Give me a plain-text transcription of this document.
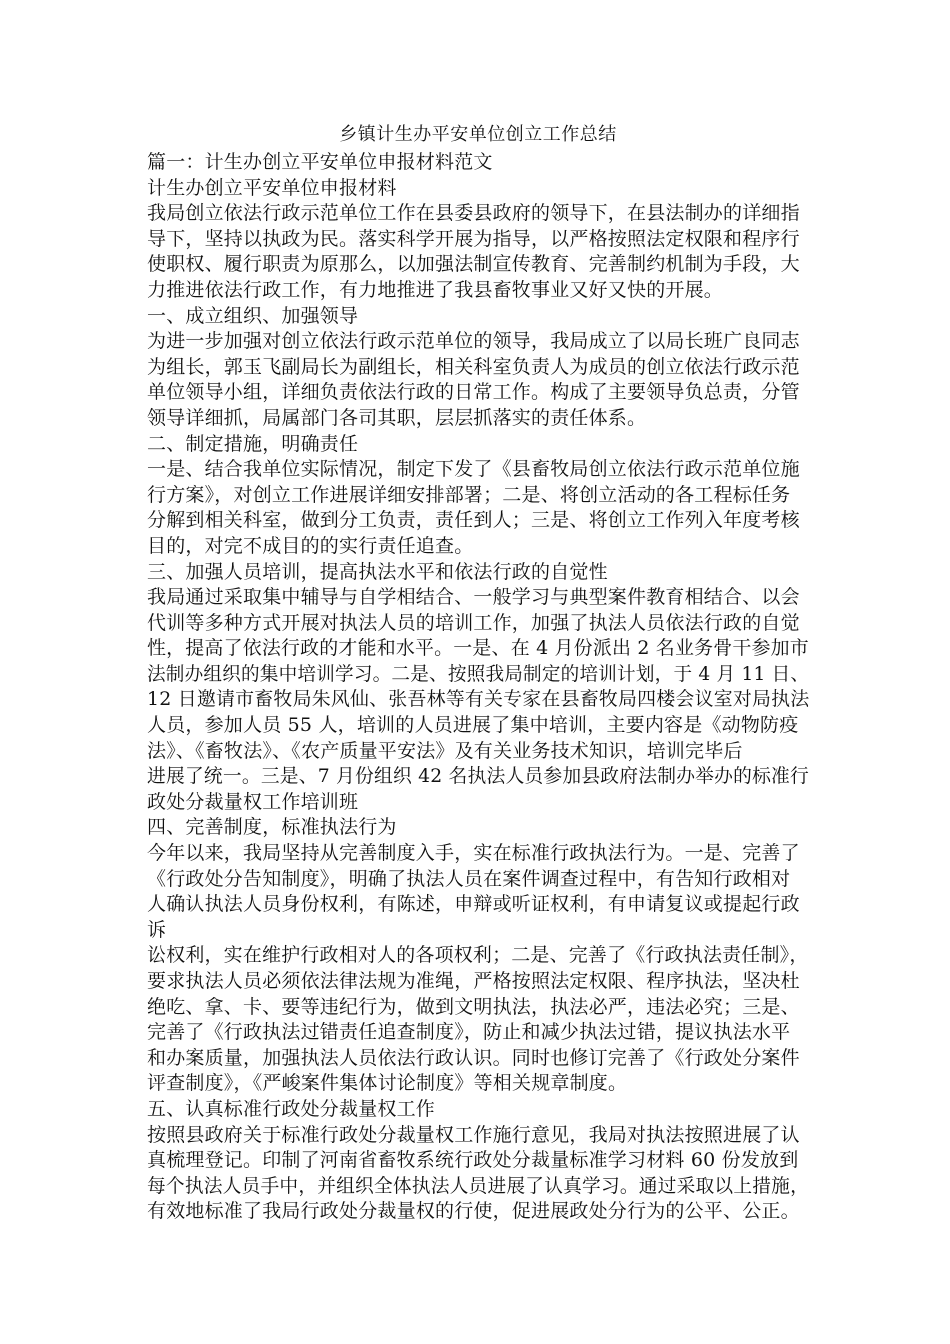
乡镇计生办平安单位创立工作总结
篇一：计生办创立平安单位申报材料范文
计生办创立平安单位申报材料
我局创立依法行政示范单位工作在县委县政府的领导下，在县法制办的详细指
导下，坚持以执政为民。落实科学开展为指导，以严格按照法定权限和程序行
使职权、履行职责为原那么，以加强法制宣传教育、完善制约机制为手段，大
力推进依法行政工作，有力地推进了我县畜牧事业又好又快的开展。
一、成立组织、加强领导
为进一步加强对创立依法行政示范单位的领导，我局成立了以局长班广良同志
为组长，郭玉飞副局长为副组长，相关科室负责人为成员的创立依法行政示范
单位领导小组，详细负责依法行政的日常工作。构成了主要领导负总责，分管
领导详细抓，局属部门各司其职，层层抓落实的责任体系。
二、制定措施，明确责任
一是、结合我单位实际情况，制定下发了《县畜牧局创立依法行政示范单位施
行方案》，对创立工作进展详细安排部署；二是、将创立活动的各工程标任务
分解到相关科室，做到分工负责，责任到人；三是、将创立工作列入年度考核
目的，对完不成目的的实行责任追查。
三、加强人员培训，提高执法水平和依法行政的自觉性
我局通过采取集中辅导与自学相结合、一般学习与典型案件教育相结合、以会
代训等多种方式开展对执法人员的培训工作，加强了执法人员依法行政的自觉
性，提高了依法行政的才能和水平。一是、在 4 月份派出 2 名业务骨干参加市
法制办组织的集中培训学习。二是、按照我局制定的培训计划，于 4 月 11 日、
12 日邀请市畜牧局朱风仙、张吾林等有关专家在县畜牧局四楼会议室对局执法
人员，参加人员 55 人，培训的人员进展了集中培训，主要内容是《动物防疫
法》、《畜牧法》、《农产质量平安法》及有关业务技术知识，培训完毕后
进展了统一。三是、7 月份组织 42 名执法人员参加县政府法制办举办的标准行
政处分裁量权工作培训班
四、完善制度，标准执法行为
今年以来，我局坚持从完善制度入手，实在标准行政执法行为。一是、完善了
《行政处分告知制度》，明确了执法人员在案件调查过程中，有告知行政相对
人确认执法人员身份权利，有陈述，申辩或听证权利，有申请复议或提起行政
诉
讼权利，实在维护行政相对人的各项权利；二是、完善了《行政执法责任制》，
要求执法人员必须依法律法规为准绳，严格按照法定权限、程序执法，坚决杜
绝吃、拿、卡、要等违纪行为，做到文明执法，执法必严，违法必究；三是、
完善了《行政执法过错责任追查制度》，防止和减少执法过错，提议执法水平
和办案质量，加强执法人员依法行政认识。同时也修订完善了《行政处分案件
评查制度》，《严峻案件集体讨论制度》等相关规章制度。
五、认真标准行政处分裁量权工作
按照县政府关于标准行政处分裁量权工作施行意见，我局对执法按照进展了认
真梳理登记。印制了河南省畜牧系统行政处分裁量标准学习材料 60 份发放到
每个执法人员手中，并组织全体执法人员进展了认真学习。通过采取以上措施，
有效地标准了我局行政处分裁量权的行使，促进展政处分行为的公平、公正。
